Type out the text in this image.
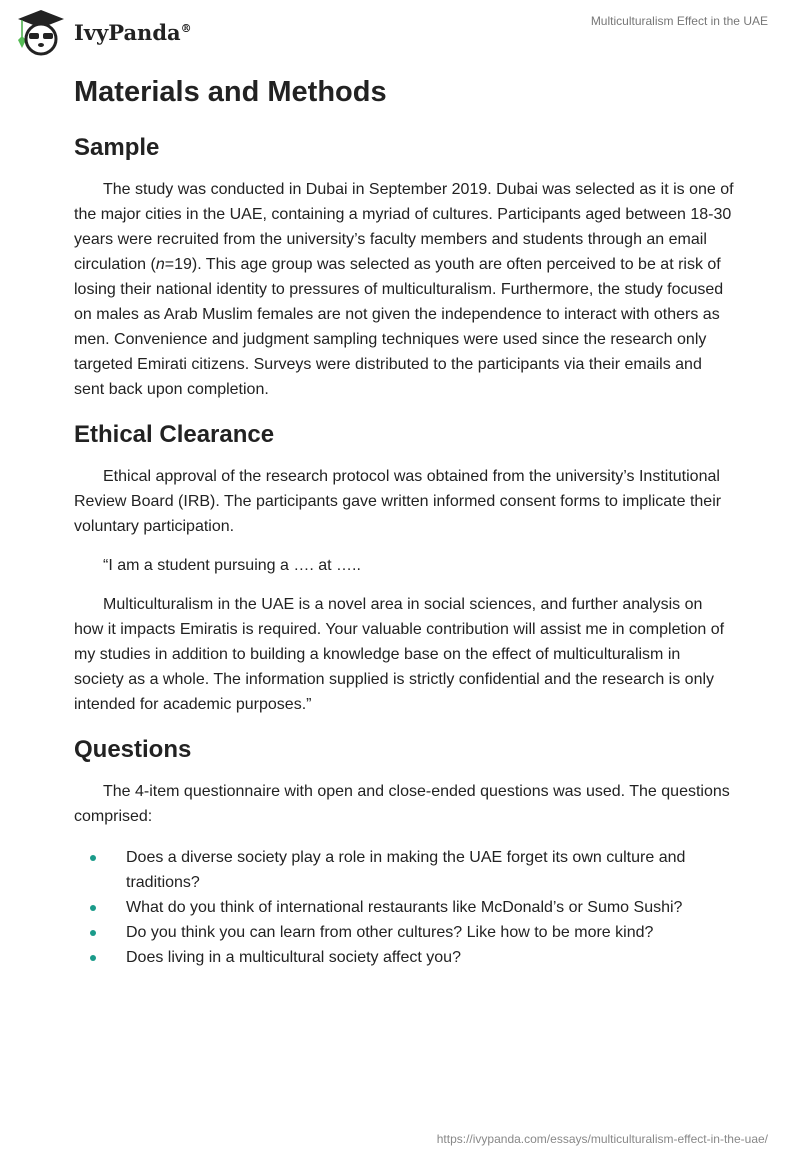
IvyPanda®	Multiculturalism Effect in the UAE
Materials and Methods
Sample

The study was conducted in Dubai in September 2019. Dubai was selected as it is one of the major cities in the UAE, containing a myriad of cultures. Participants aged between 18-30 years were recruited from the university’s faculty members and students through an email circulation (n=19). This age group was selected as youth are often perceived to be at risk of losing their national identity to pressures of multiculturalism. Furthermore, the study focused on males as Arab Muslim females are not given the independence to interact with others as men. Convenience and judgment sampling techniques were used since the research only targeted Emirati citizens. Surveys were distributed to the participants via their emails and sent back upon completion.

Ethical Clearance

Ethical approval of the research protocol was obtained from the university’s Institutional Review Board (IRB). The participants gave written informed consent forms to implicate their voluntary participation.

“I am a student pursuing a …. at …..

Multiculturalism in the UAE is a novel area in social sciences, and further analysis on how it impacts Emiratis is required. Your valuable contribution will assist me in completion of my studies in addition to building a knowledge base on the effect of multiculturalism in society as a whole. The information supplied is strictly confidential and the research is only intended for academic purposes.”

Questions

The 4-item questionnaire with open and close-ended questions was used. The questions comprised:

Does a diverse society play a role in making the UAE forget its own culture and traditions?
What do you think of international restaurants like McDonald’s or Sumo Sushi?
Do you think you can learn from other cultures? Like how to be more kind?
Does living in a multicultural society affect you?
https://ivypanda.com/essays/multiculturalism-effect-in-the-uae/
